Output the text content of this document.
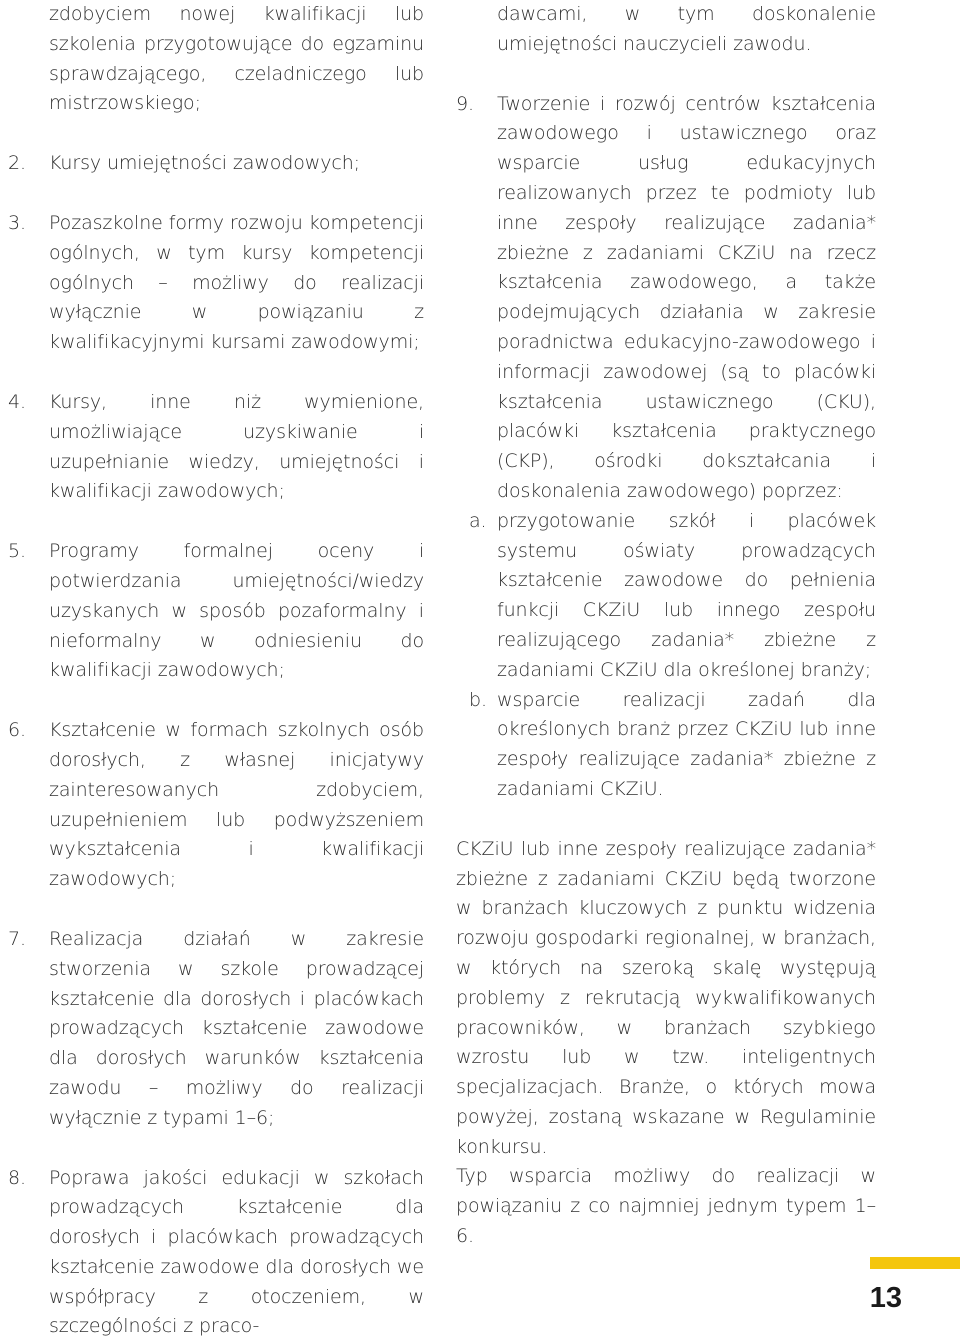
zdobyciem nowej kwalifikacji lub szkolenia przygotowujące do egzaminu sprawdzającego, czeladniczego lub mistrzowskiego;
2. Kursy umiejętności zawodowych;
3. Pozaszkolne formy rozwoju kompetencji ogólnych, w tym kursy kompetencji ogólnych – możliwy do realizacji wyłącznie w powiązaniu z kwalifikacyjnymi kursami zawodowymi;
4. Kursy, inne niż wymienione, umożliwiające uzyskiwanie i uzupełnianie wiedzy, umiejętności i kwalifikacji zawodowych;
5. Programy formalnej oceny i potwierdzania umiejętności/wiedzy uzyskanych w sposób pozaformalny i nieformalny w odniesieniu do kwalifikacji zawodowych;
6. Kształcenie w formach szkolnych osób dorosłych, z własnej inicjatywy zainteresowanych zdobyciem, uzupełnieniem lub podwyższeniem wykształcenia i kwalifikacji zawodowych;
7. Realizacja działań w zakresie stworzenia w szkole prowadzącej kształcenie dla dorosłych i placówkach prowadzących kształcenie zawodowe dla dorosłych warunków kształcenia zawodu – możliwy do realizacji wyłącznie z typami 1–6;
8. Poprawa jakości edukacji w szkołach prowadzących kształcenie dla dorosłych i placówkach prowadzących kształcenie zawodowe dla dorosłych we współpracy z otoczeniem, w szczególności z praco-
dawcami, w tym doskonalenie umiejętności nauczycieli zawodu.
9. Tworzenie i rozwój centrów kształcenia zawodowego i ustawicznego oraz wsparcie usług edukacyjnych realizowanych przez te podmioty lub inne zespoły realizujące zadania* zbieżne z zadaniami CKZiU na rzecz kształcenia zawodowego, a także podejmujących działania w zakresie poradnictwa edukacyjno-zawodowego i informacji zawodowej (są to placówki kształcenia ustawicznego (CKU), placówki kształcenia praktycznego (CKP), ośrodki dokształcania i doskonalenia zawodowego) poprzez:
a. przygotowanie szkół i placówek systemu oświaty prowadzących kształcenie zawodowe do pełnienia funkcji CKZiU lub innego zespołu realizującego zadania* zbieżne z zadaniami CKZiU dla określonej branży;
b. wsparcie realizacji zadań dla określonych branż przez CKZiU lub inne zespoły realizujące zadania* zbieżne z zadaniami CKZiU.

CKZiU lub inne zespoły realizujące zadania* zbieżne z zadaniami CKZiU będą tworzone w branżach kluczowych z punktu widzenia rozwoju gospodarki regionalnej, w branżach, w których na szeroką skalę występują problemy z rekrutacją wykwalifikowanych pracowników, w branżach szybkiego wzrostu lub w tzw. inteligentnych specjalizacjach. Branże, o których mowa powyżej, zostaną wskazane w Regulaminie konkursu.

Typ wsparcia możliwy do realizacji w powiązaniu z co najmniej jednym typem 1–6.

13
